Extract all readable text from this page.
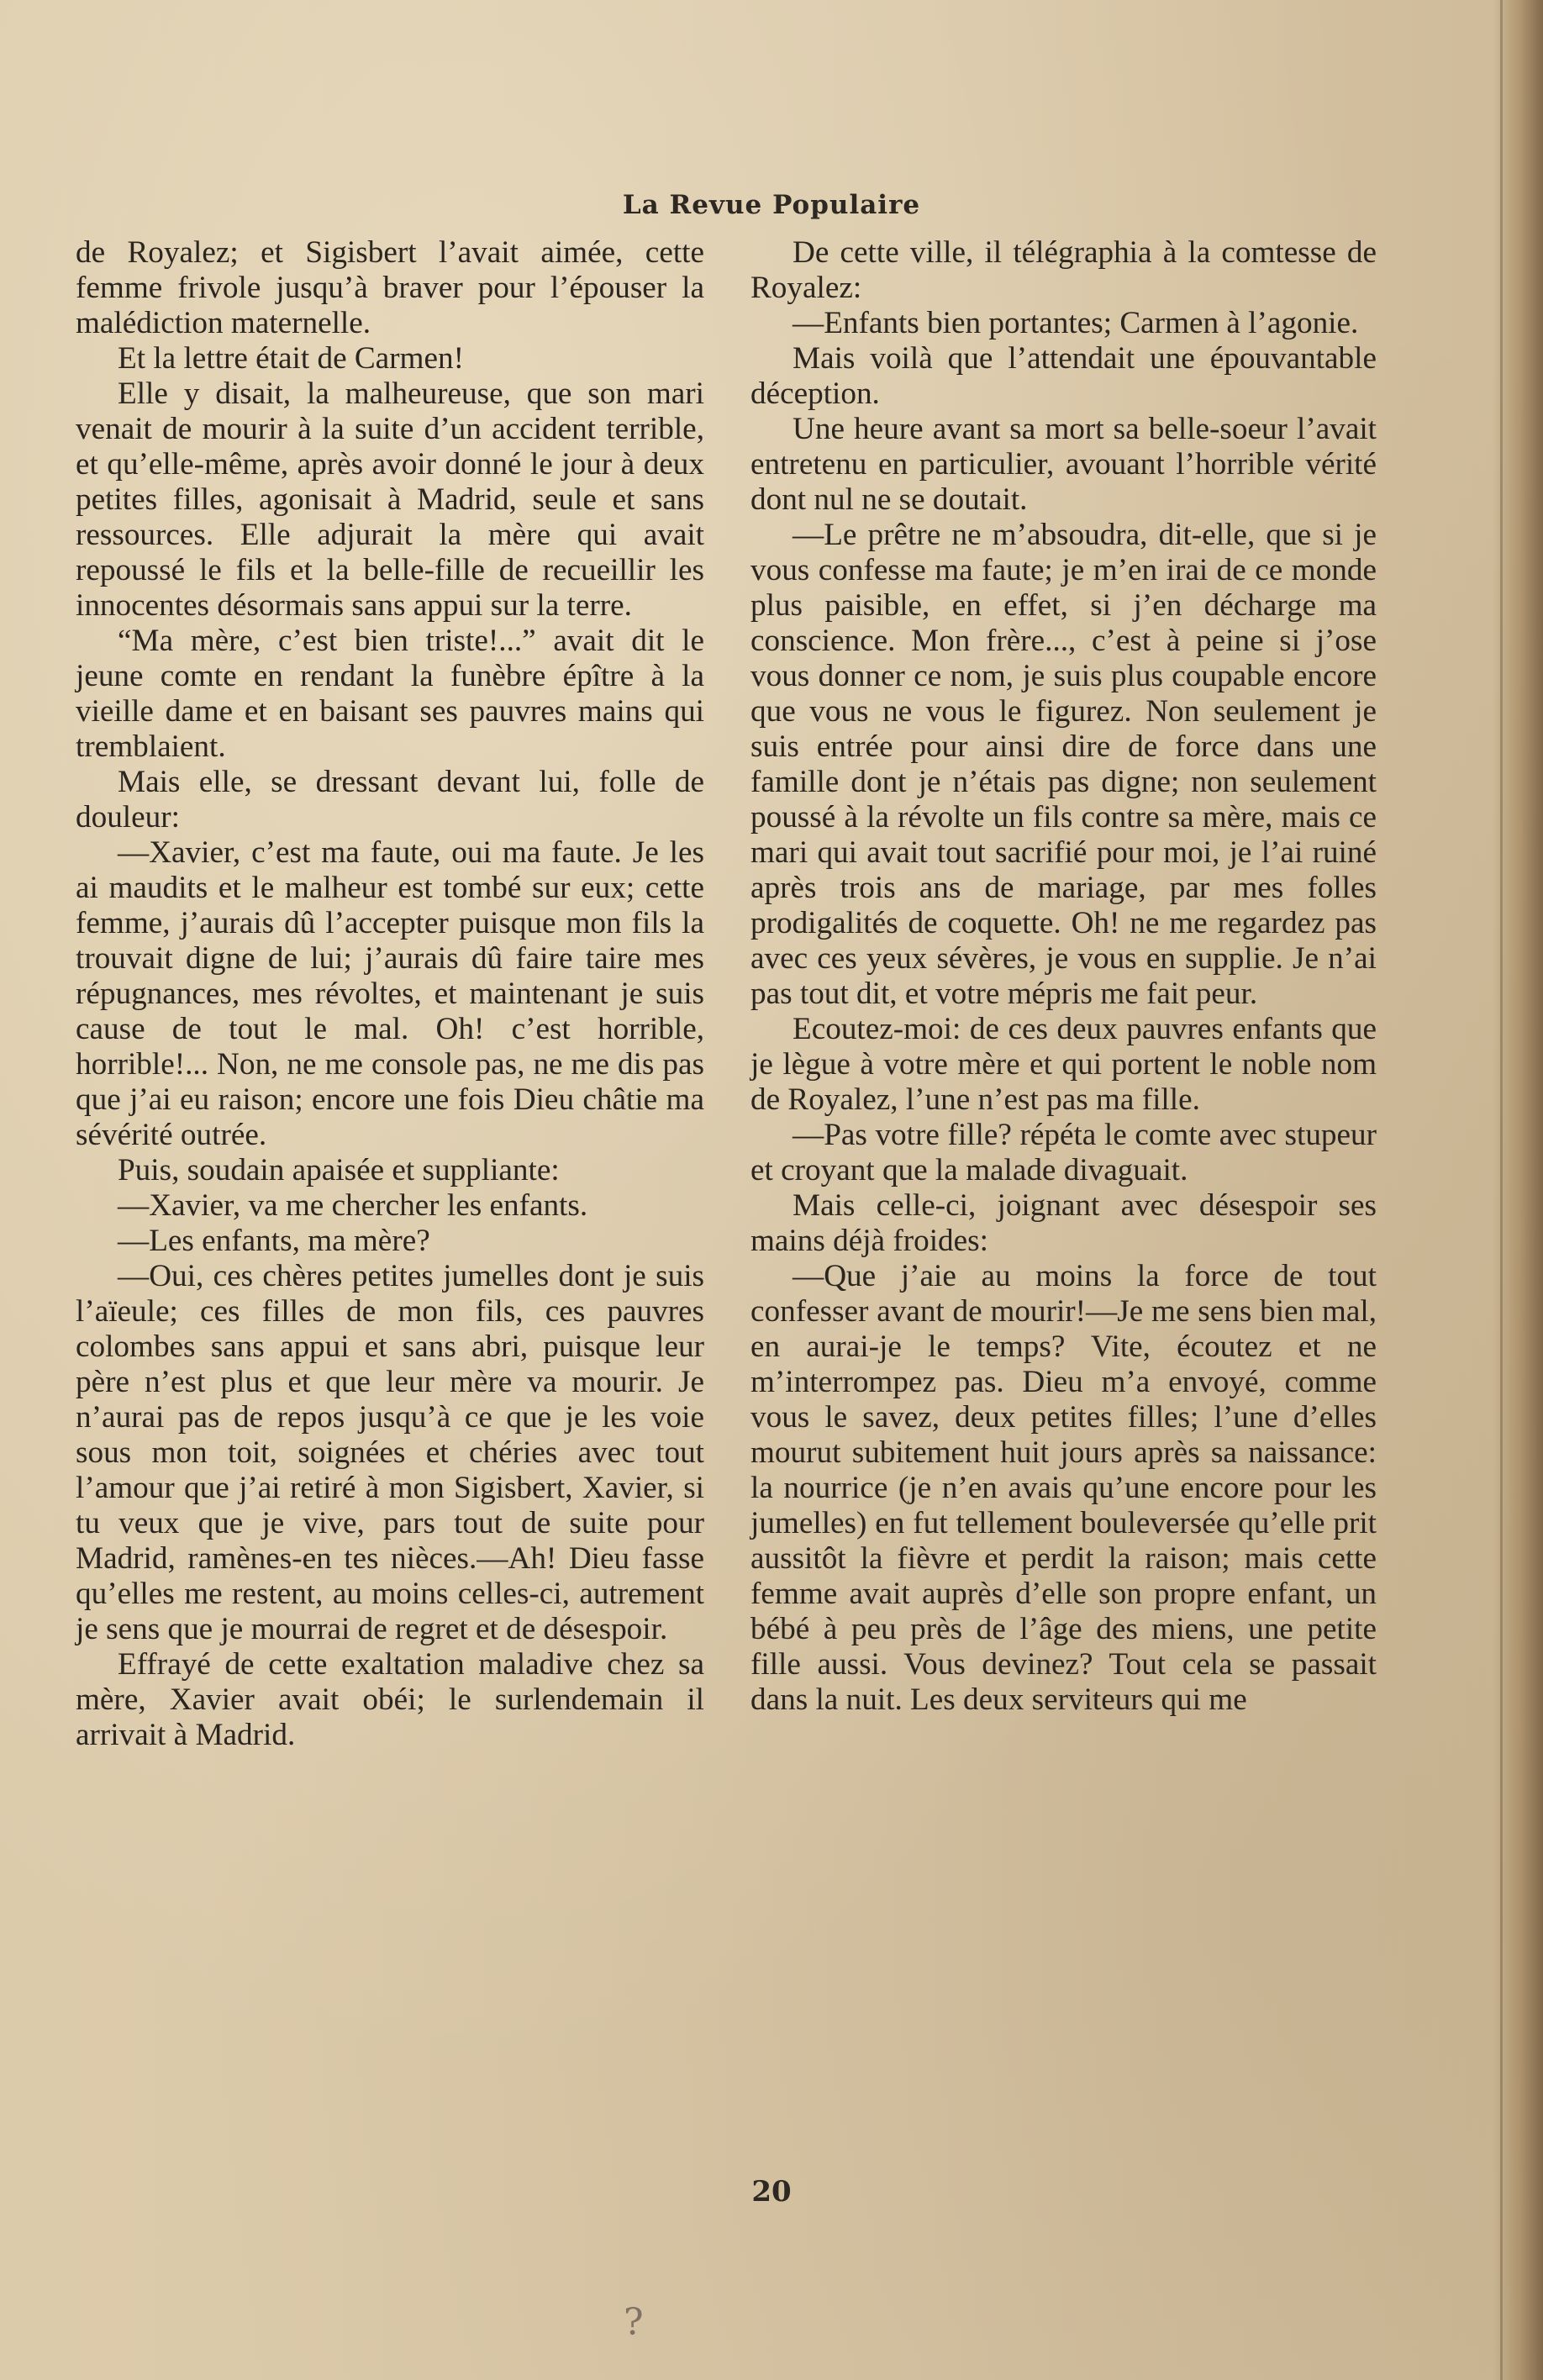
La Revue Populaire

de Royalez; et Sigisbert l’avait aimée, cette femme frivole jusqu’à braver pour l’épouser la malédiction maternelle.

Et la lettre était de Carmen!

Elle y disait, la malheureuse, que son mari venait de mourir à la suite d’un accident terrible, et qu’elle-même, après avoir donné le jour à deux petites filles, agonisait à Madrid, seule et sans ressources. Elle adjurait la mère qui avait repoussé le fils et la belle-fille de recueillir les innocentes désormais sans appui sur la terre.

“Ma mère, c’est bien triste!...” avait dit le jeune comte en rendant la funèbre épître à la vieille dame et en baisant ses pauvres mains qui tremblaient.

Mais elle, se dressant devant lui, folle de douleur:

—Xavier, c’est ma faute, oui ma faute. Je les ai maudits et le malheur est tombé sur eux; cette femme, j’aurais dû l’accepter puisque mon fils la trouvait digne de lui; j’aurais dû faire taire mes répugnances, mes révoltes, et maintenant je suis cause de tout le mal. Oh! c’est horrible, horrible!... Non, ne me console pas, ne me dis pas que j’ai eu raison; encore une fois Dieu châtie ma sévérité outrée.

Puis, soudain apaisée et suppliante:

—Xavier, va me chercher les enfants.

—Les enfants, ma mère?

—Oui, ces chères petites jumelles dont je suis l’aïeule; ces filles de mon fils, ces pauvres colombes sans appui et sans abri, puisque leur père n’est plus et que leur mère va mourir. Je n’aurai pas de repos jusqu’à ce que je les voie sous mon toit, soignées et chéries avec tout l’amour que j’ai retiré à mon Sigisbert, Xavier, si tu veux que je vive, pars tout de suite pour Madrid, ramènes-en tes nièces.—Ah! Dieu fasse qu’elles me restent, au moins celles-ci, autrement je sens que je mourrai de regret et de désespoir.

Effrayé de cette exaltation maladive chez sa mère, Xavier avait obéi; le surlendemain il arrivait à Madrid.

De cette ville, il télégraphia à la comtesse de Royalez:

—Enfants bien portantes; Carmen à l’agonie.

Mais voilà que l’attendait une épouvantable déception.

Une heure avant sa mort sa belle-soeur l’avait entretenu en particulier, avouant l’horrible vérité dont nul ne se doutait.

—Le prêtre ne m’absoudra, dit-elle, que si je vous confesse ma faute; je m’en irai de ce monde plus paisible, en effet, si j’en décharge ma conscience. Mon frère..., c’est à peine si j’ose vous donner ce nom, je suis plus coupable encore que vous ne vous le figurez. Non seulement je suis entrée pour ainsi dire de force dans une famille dont je n’étais pas digne; non seulement poussé à la révolte un fils contre sa mère, mais ce mari qui avait tout sacrifié pour moi, je l’ai ruiné après trois ans de mariage, par mes folles prodigalités de coquette. Oh! ne me regardez pas avec ces yeux sévères, je vous en supplie. Je n’ai pas tout dit, et votre mépris me fait peur.

Ecoutez-moi: de ces deux pauvres enfants que je lègue à votre mère et qui portent le noble nom de Royalez, l’une n’est pas ma fille.

—Pas votre fille? répéta le comte avec stupeur et croyant que la malade divaguait.

Mais celle-ci, joignant avec désespoir ses mains déjà froides:

—Que j’aie au moins la force de tout confesser avant de mourir!—Je me sens bien mal, en aurai-je le temps? Vite, écoutez et ne m’interrompez pas. Dieu m’a envoyé, comme vous le savez, deux petites filles; l’une d’elles mourut subitement huit jours après sa naissance: la nourrice (je n’en avais qu’une encore pour les jumelles) en fut tellement bouleversée qu’elle prit aussitôt la fièvre et perdit la raison; mais cette femme avait auprès d’elle son propre enfant, un bébé à peu près de l’âge des miens, une petite fille aussi. Vous devinez? Tout cela se passait dans la nuit. Les deux serviteurs qui me

20
?
